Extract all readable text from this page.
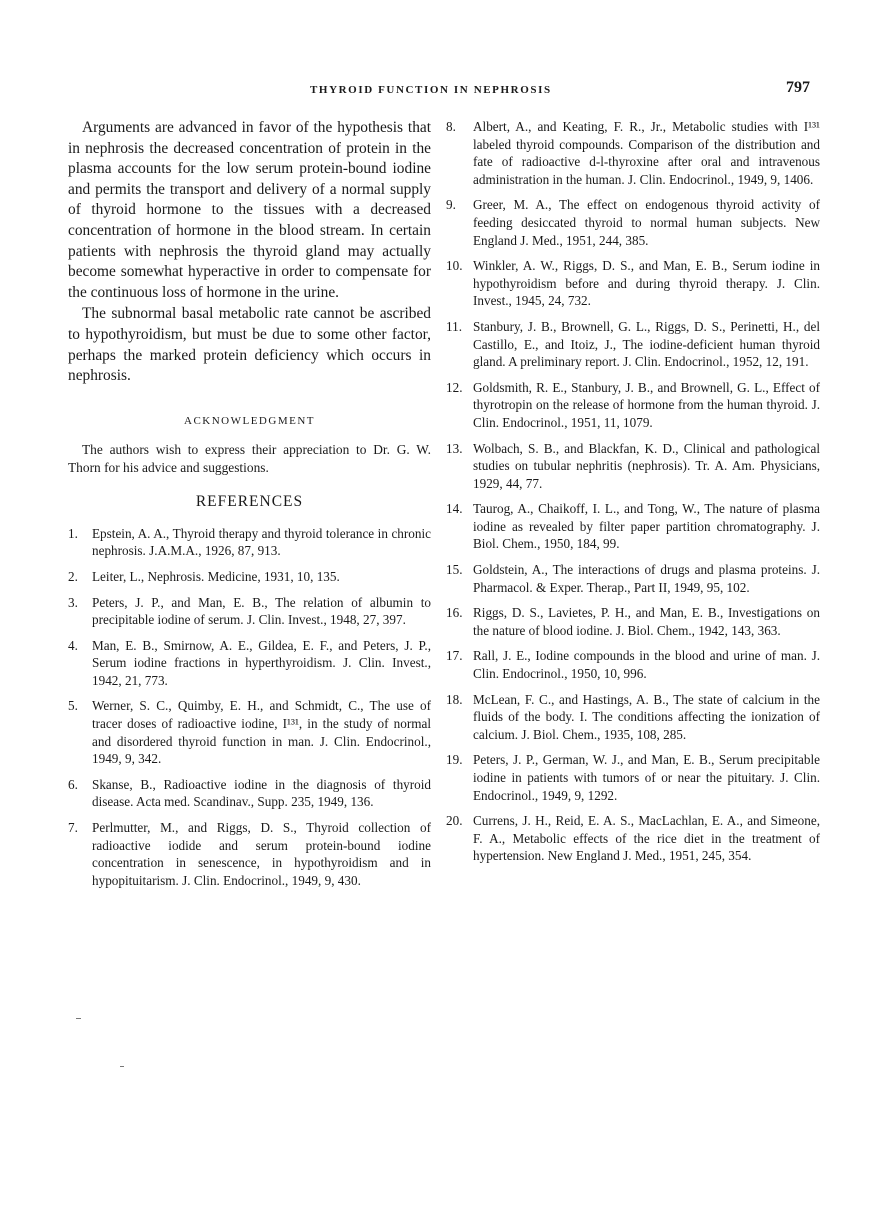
THYROID FUNCTION IN NEPHROSIS	797

Arguments are advanced in favor of the hypothesis that in nephrosis the decreased concentration of protein in the plasma accounts for the low serum protein-bound iodine and permits the transport and delivery of a normal supply of thyroid hormone to the tissues with a decreased concentration of hormone in the blood stream. In certain patients with nephrosis the thyroid gland may actually become somewhat hyperactive in order to compensate for the continuous loss of hormone in the urine.

The subnormal basal metabolic rate cannot be ascribed to hypothyroidism, but must be due to some other factor, perhaps the marked protein deficiency which occurs in nephrosis.

ACKNOWLEDGMENT

The authors wish to express their appreciation to Dr. G. W. Thorn for his advice and suggestions.

REFERENCES
1. Epstein, A. A., Thyroid therapy and thyroid tolerance in chronic nephrosis. J.A.M.A., 1926, 87, 913.
2. Leiter, L., Nephrosis. Medicine, 1931, 10, 135.
3. Peters, J. P., and Man, E. B., The relation of albumin to precipitable iodine of serum. J. Clin. Invest., 1948, 27, 397.
4. Man, E. B., Smirnow, A. E., Gildea, E. F., and Peters, J. P., Serum iodine fractions in hyperthyroidism. J. Clin. Invest., 1942, 21, 773.
5. Werner, S. C., Quimby, E. H., and Schmidt, C., The use of tracer doses of radioactive iodine, I¹³¹, in the study of normal and disordered thyroid function in man. J. Clin. Endocrinol., 1949, 9, 342.
6. Skanse, B., Radioactive iodine in the diagnosis of thyroid disease. Acta med. Scandinav., Supp. 235, 1949, 136.
7. Perlmutter, M., and Riggs, D. S., Thyroid collection of radioactive iodide and serum protein-bound iodine concentration in senescence, in hypothyroidism and in hypopituitarism. J. Clin. Endocrinol., 1949, 9, 430.
8. Albert, A., and Keating, F. R., Jr., Metabolic studies with I¹³¹ labeled thyroid compounds. Comparison of the distribution and fate of radioactive d-l-thyroxine after oral and intravenous administration in the human. J. Clin. Endocrinol., 1949, 9, 1406.
9. Greer, M. A., The effect on endogenous thyroid activity of feeding desiccated thyroid to normal human subjects. New England J. Med., 1951, 244, 385.
10. Winkler, A. W., Riggs, D. S., and Man, E. B., Serum iodine in hypothyroidism before and during thyroid therapy. J. Clin. Invest., 1945, 24, 732.
11. Stanbury, J. B., Brownell, G. L., Riggs, D. S., Perinetti, H., del Castillo, E., and Itoiz, J., The iodine-deficient human thyroid gland. A preliminary report. J. Clin. Endocrinol., 1952, 12, 191.
12. Goldsmith, R. E., Stanbury, J. B., and Brownell, G. L., Effect of thyrotropin on the release of hormone from the human thyroid. J. Clin. Endocrinol., 1951, 11, 1079.
13. Wolbach, S. B., and Blackfan, K. D., Clinical and pathological studies on tubular nephritis (nephrosis). Tr. A. Am. Physicians, 1929, 44, 77.
14. Taurog, A., Chaikoff, I. L., and Tong, W., The nature of plasma iodine as revealed by filter paper partition chromatography. J. Biol. Chem., 1950, 184, 99.
15. Goldstein, A., The interactions of drugs and plasma proteins. J. Pharmacol. & Exper. Therap., Part II, 1949, 95, 102.
16. Riggs, D. S., Lavietes, P. H., and Man, E. B., Investigations on the nature of blood iodine. J. Biol. Chem., 1942, 143, 363.
17. Rall, J. E., Iodine compounds in the blood and urine of man. J. Clin. Endocrinol., 1950, 10, 996.
18. McLean, F. C., and Hastings, A. B., The state of calcium in the fluids of the body. I. The conditions affecting the ionization of calcium. J. Biol. Chem., 1935, 108, 285.
19. Peters, J. P., German, W. J., and Man, E. B., Serum precipitable iodine in patients with tumors of or near the pituitary. J. Clin. Endocrinol., 1949, 9, 1292.
20. Currens, J. H., Reid, E. A. S., MacLachlan, E. A., and Simeone, F. A., Metabolic effects of the rice diet in the treatment of hypertension. New England J. Med., 1951, 245, 354.
